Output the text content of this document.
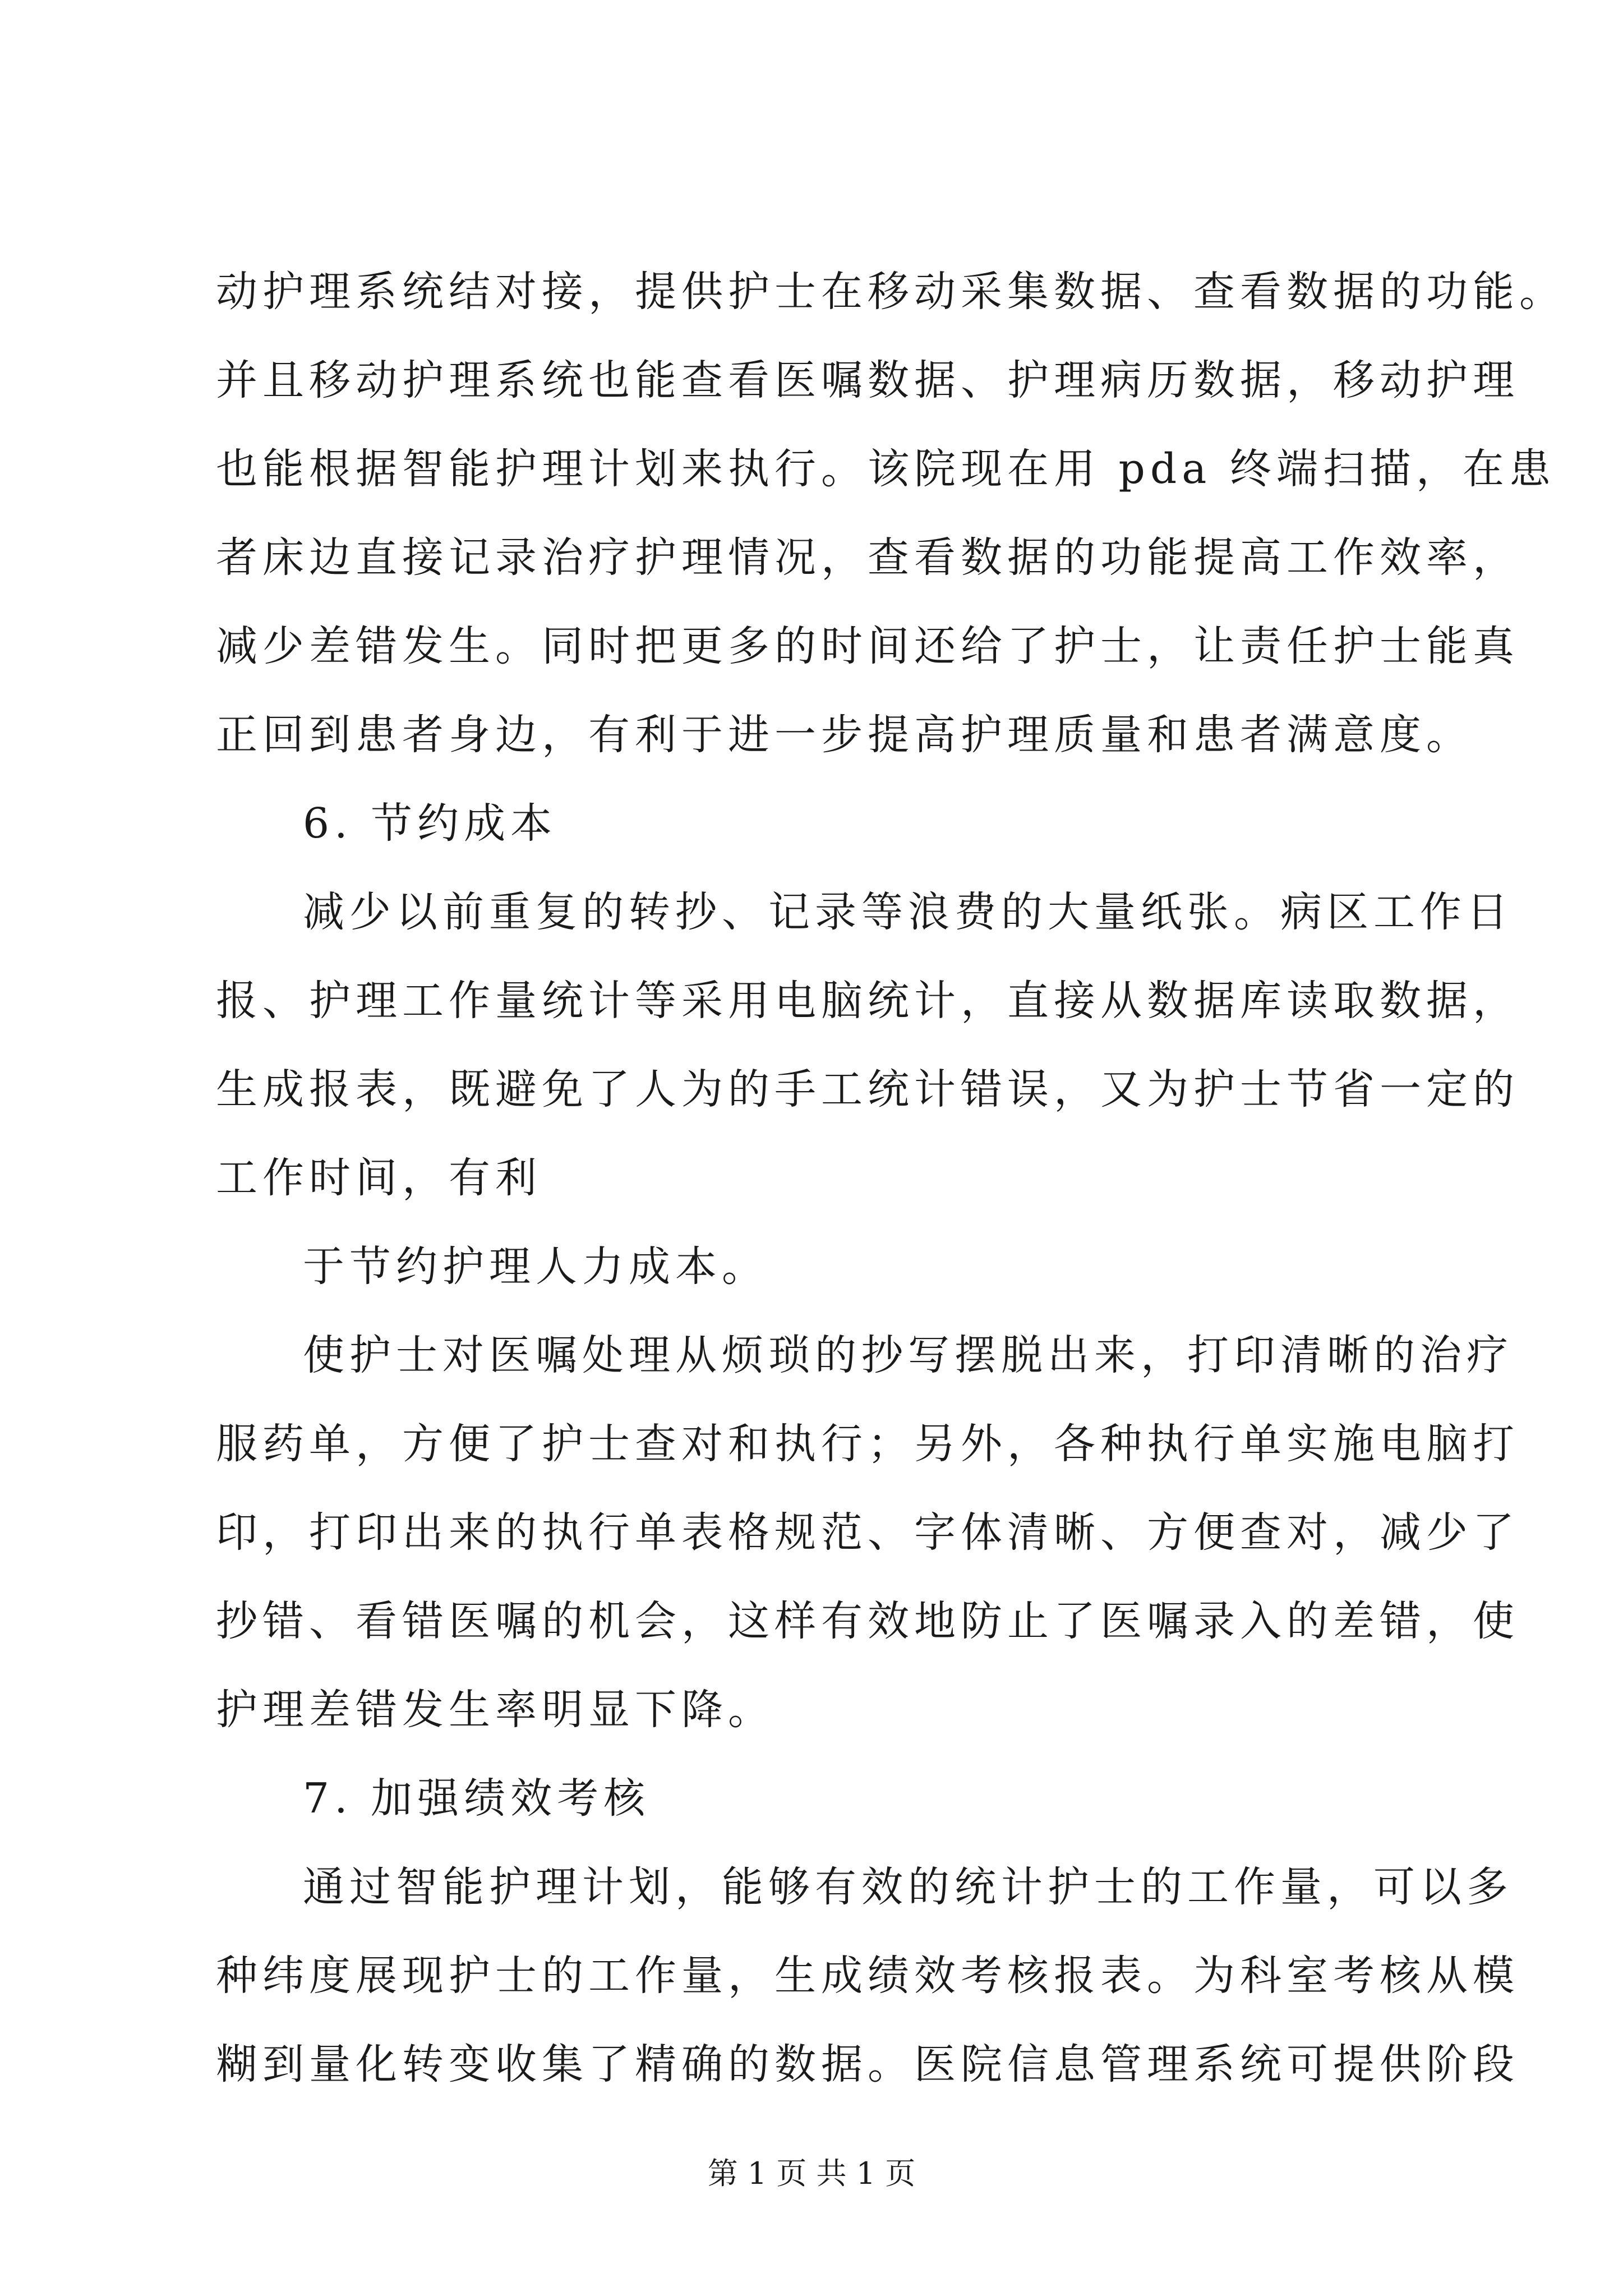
动护理系统结对接，提供护士在移动采集数据、查看数据的功能。
并且移动护理系统也能查看医嘱数据、护理病历数据，移动护理
也能根据智能护理计划来执行。该院现在用 pda 终端扫描，在患
者床边直接记录治疗护理情况，查看数据的功能提高工作效率，
减少差错发生。同时把更多的时间还给了护士，让责任护士能真
正回到患者身边，有利于进一步提高护理质量和患者满意度。
6. 节约成本
减少以前重复的转抄、记录等浪费的大量纸张。病区工作日
报、护理工作量统计等采用电脑统计，直接从数据库读取数据，
生成报表，既避免了人为的手工统计错误，又为护士节省一定的
工作时间，有利
于节约护理人力成本。
使护士对医嘱处理从烦琐的抄写摆脱出来，打印清晰的治疗
服药单，方便了护士查对和执行；另外，各种执行单实施电脑打
印，打印出来的执行单表格规范、字体清晰、方便查对，减少了
抄错、看错医嘱的机会，这样有效地防止了医嘱录入的差错，使
护理差错发生率明显下降。
7. 加强绩效考核
通过智能护理计划，能够有效的统计护士的工作量，可以多
种纬度展现护士的工作量，生成绩效考核报表。为科室考核从模
糊到量化转变收集了精确的数据。医院信息管理系统可提供阶段
第 1 页 共 1 页
